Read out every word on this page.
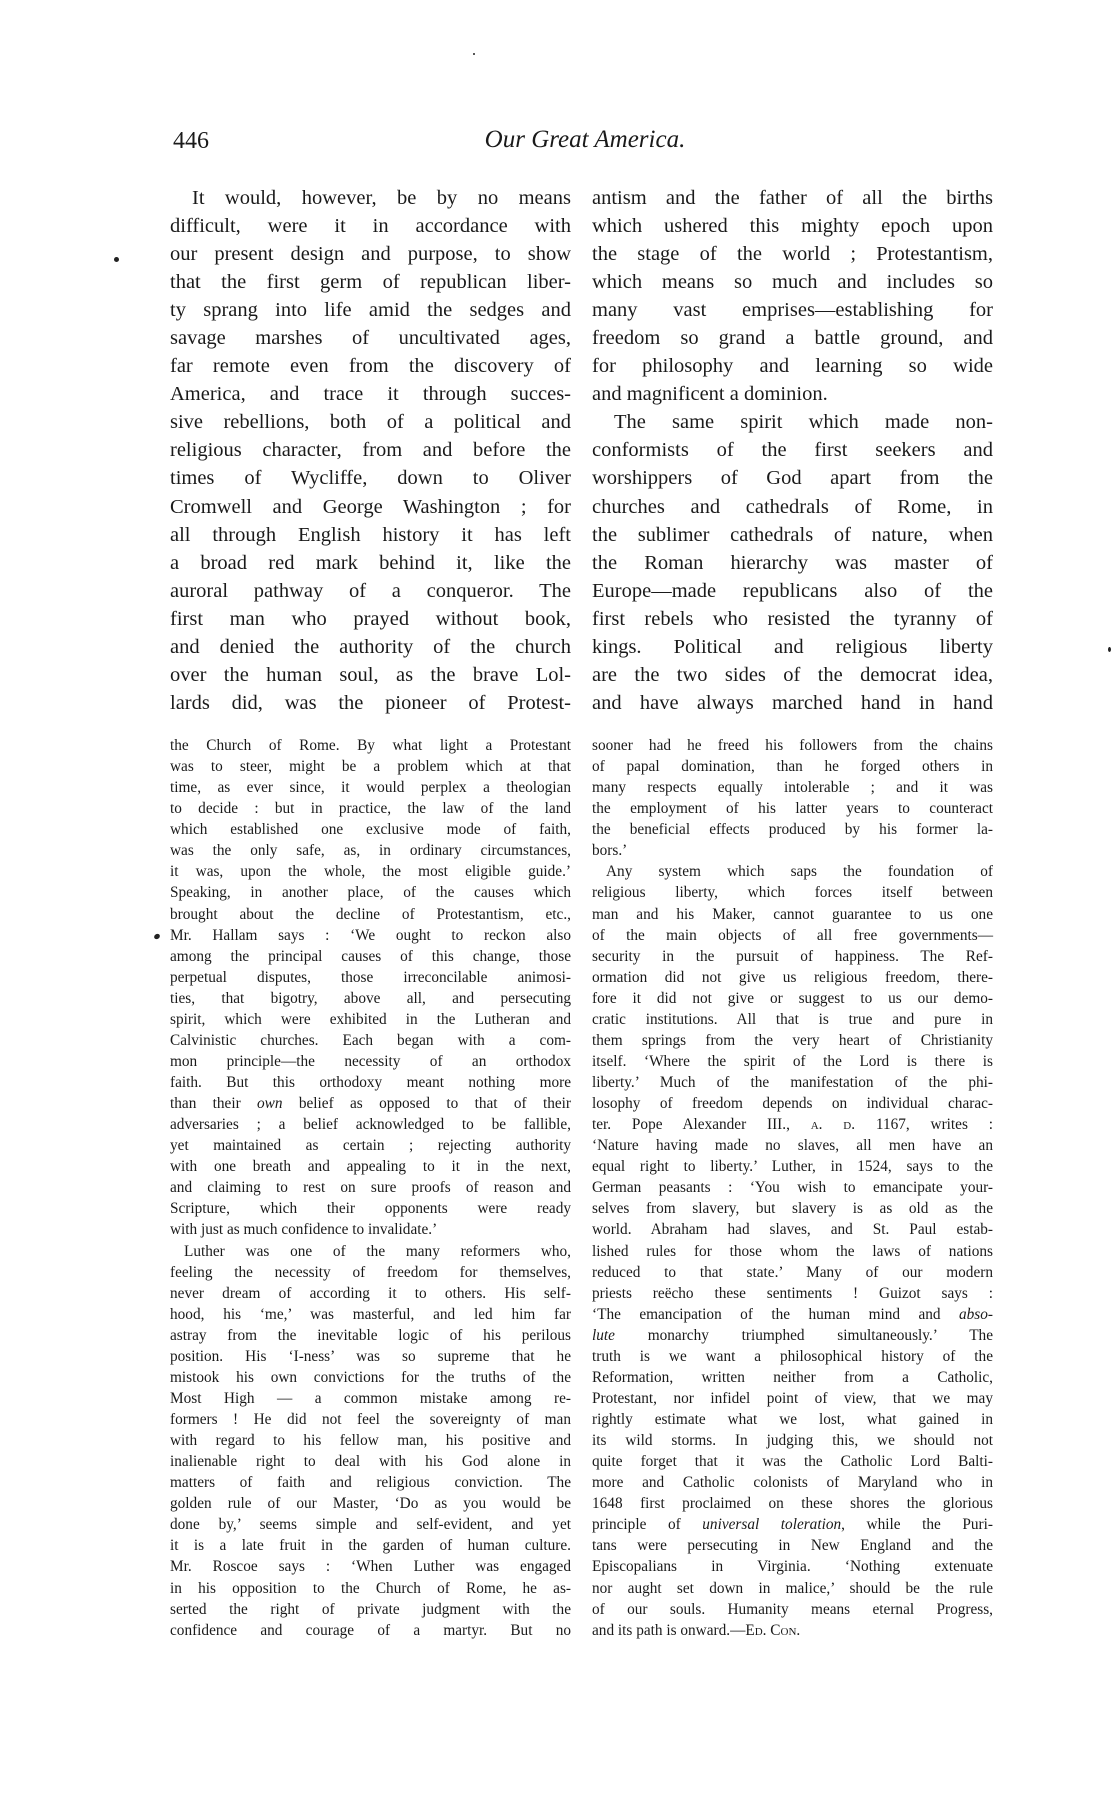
446	Our Great America.
It would, however, be by no means
difficult, were it in accordance with
our present design and purpose, to show
that the first germ of republican liber-
ty sprang into life amid the sedges and
savage marshes of uncultivated ages,
far remote even from the discovery of
America, and trace it through succes-
sive rebellions, both of a political and
religious character, from and before the
times of Wycliffe, down to Oliver
Cromwell and George Washington ; for
all through English history it has left
a broad red mark behind it, like the
auroral pathway of a conqueror. The
first man who prayed without book,
and denied the authority of the church
over the human soul, as the brave Lol-
lards did, was the pioneer of Protest-
antism and the father of all the births
which ushered this mighty epoch upon
the stage of the world ; Protestantism,
which means so much and includes so
many vast emprises—establishing for
freedom so grand a battle ground, and
for philosophy and learning so wide
and magnificent a dominion.
The same spirit which made non-
conformists of the first seekers and
worshippers of God apart from the
churches and cathedrals of Rome, in
the sublimer cathedrals of nature, when
the Roman hierarchy was master of
Europe—made republicans also of the
first rebels who resisted the tyranny of
kings. Political and religious liberty
are the two sides of the democrat idea,
and have always marched hand in hand
the Church of Rome. By what light a Protestant
was to steer, might be a problem which at that
time, as ever since, it would perplex a theologian
to decide : but in practice, the law of the land
which established one exclusive mode of faith,
was the only safe, as, in ordinary circumstances,
it was, upon the whole, the most eligible guide.’
Speaking, in another place, of the causes which
brought about the decline of Protestantism, etc.,
Mr. Hallam says : ‘We ought to reckon also
among the principal causes of this change, those
perpetual disputes, those irreconcilable animosi-
ties, that bigotry, above all, and persecuting
spirit, which were exhibited in the Lutheran and
Calvinistic churches. Each began with a com-
mon principle—the necessity of an orthodox
faith. But this orthodoxy meant nothing more
than their own belief as opposed to that of their
adversaries ; a belief acknowledged to be fallible,
yet maintained as certain ; rejecting authority
with one breath and appealing to it in the next,
and claiming to rest on sure proofs of reason and
Scripture, which their opponents were ready
with just as much confidence to invalidate.’
Luther was one of the many reformers who,
feeling the necessity of freedom for themselves,
never dream of according it to others. His self-
hood, his ‘me,’ was masterful, and led him far
astray from the inevitable logic of his perilous
position. His ‘I-ness’ was so supreme that he
mistook his own convictions for the truths of the
Most High — a common mistake among re-
formers ! He did not feel the sovereignty of man
with regard to his fellow man, his positive and
inalienable right to deal with his God alone in
matters of faith and religious conviction. The
golden rule of our Master, ‘Do as you would be
done by,’ seems simple and self-evident, and yet
it is a late fruit in the garden of human culture.
Mr. Roscoe says : ‘When Luther was engaged
in his opposition to the Church of Rome, he as-
serted the right of private judgment with the
confidence and courage of a martyr. But no
sooner had he freed his followers from the chains
of papal domination, than he forged others in
many respects equally intolerable ; and it was
the employment of his latter years to counteract
the beneficial effects produced by his former la-
bors.’
Any system which saps the foundation of
religious liberty, which forces itself between
man and his Maker, cannot guarantee to us one
of the main objects of all free governments—
security in the pursuit of happiness. The Ref-
ormation did not give us religious freedom, there-
fore it did not give or suggest to us our demo-
cratic institutions. All that is true and pure in
them springs from the very heart of Christianity
itself. ‘Where the spirit of the Lord is there is
liberty.’ Much of the manifestation of the phi-
losophy of freedom depends on individual charac-
ter. Pope Alexander III., a. d. 1167, writes :
‘Nature having made no slaves, all men have an
equal right to liberty.’ Luther, in 1524, says to the
German peasants : ‘You wish to emancipate your-
selves from slavery, but slavery is as old as the
world. Abraham had slaves, and St. Paul estab-
lished rules for those whom the laws of nations
reduced to that state.’ Many of our modern
priests reëcho these sentiments ! Guizot says :
‘The emancipation of the human mind and abso-
lute monarchy triumphed simultaneously.’ The
truth is we want a philosophical history of the
Reformation, written neither from a Catholic,
Protestant, nor infidel point of view, that we may
rightly estimate what we lost, what gained in
its wild storms. In judging this, we should not
quite forget that it was the Catholic Lord Balti-
more and Catholic colonists of Maryland who in
1648 first proclaimed on these shores the glorious
principle of universal toleration, while the Puri-
tans were persecuting in New England and the
Episcopalians in Virginia. ‘Nothing extenuate
nor aught set down in malice,’ should be the rule
of our souls. Humanity means eternal Progress,
and its path is onward.—Ed. Con.
